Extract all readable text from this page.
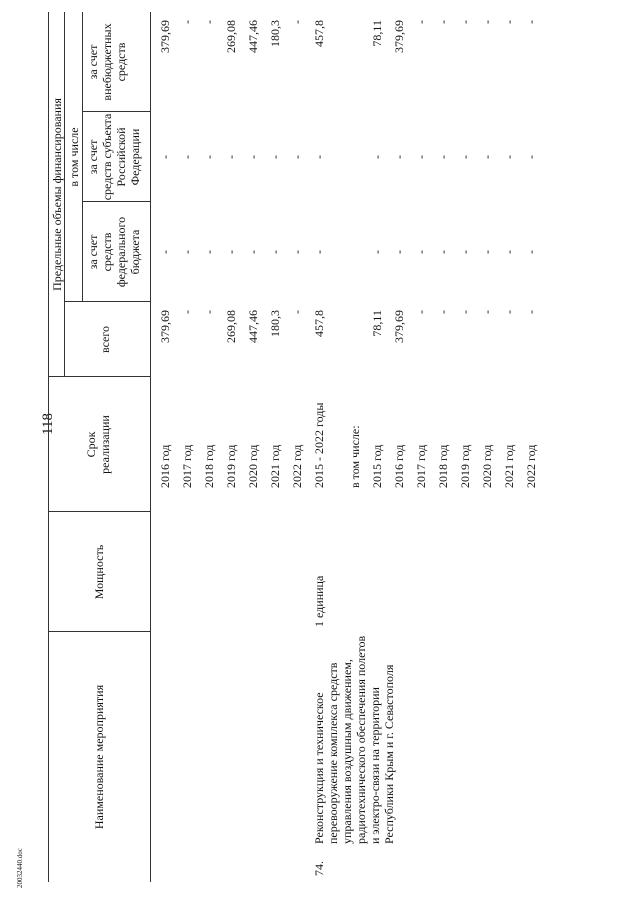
118
20032440.doc
Наименование мероприятия
Мощность
Срок реализации
Предельные объемы финансирования
всего
в том числе
за счет средств федерального бюджета
за счет средств субъекта Российской Федерации
за счет внебюджетных средств
2016 год
379,69
-
-
379,69
2017 год
-
-
-
-
2018 год
-
-
-
-
2019 год
269,08
-
-
269,08
2020 год
447,46
-
-
447,46
2021 год
180,3
-
-
180,3
2022 год
-
-
-
-
74.
Реконструкция и техническое перевооружение комплекса средств управления воздушным движением, радиотехнического обеспечения полетов и электро-связи на территории Республики Крым и г. Севастополя
1 единица
2015 - 2022 годы
457,8
-
-
457,8
в том числе: 2015 год
78,11
-
-
78,11
2016 год
379,69
-
-
379,69
2017 год
-
-
-
-
2018 год
-
-
-
-
2019 год
-
-
-
-
2020 год
-
-
-
-
2021 год
-
-
-
-
2022 год
-
-
-
-
